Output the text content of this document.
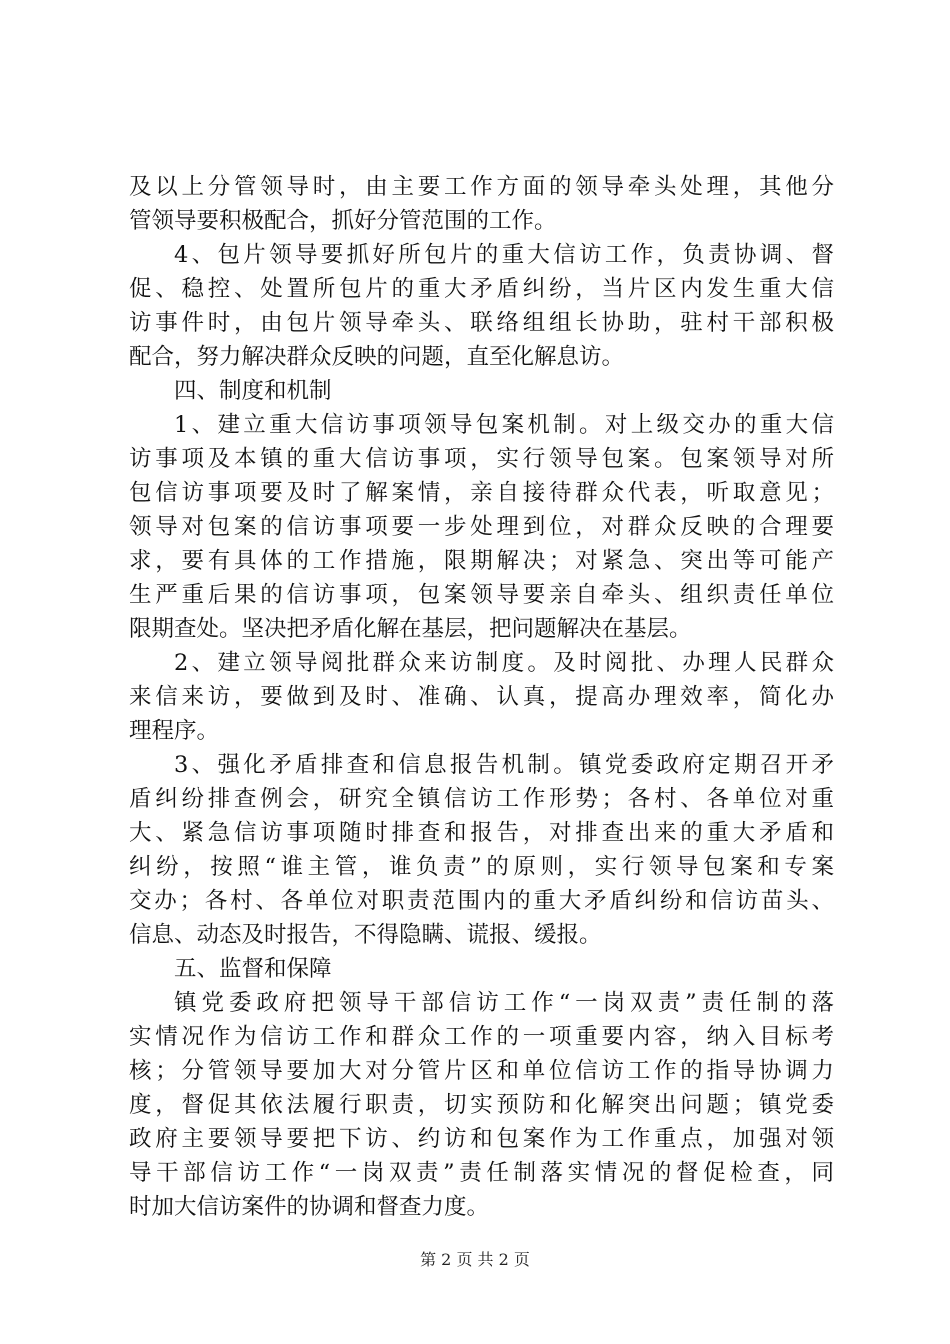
及以上分管领导时，由主要工作方面的领导牵头处理，其他分
管领导要积极配合，抓好分管范围的工作。
4、包片领导要抓好所包片的重大信访工作，负责协调、督
促、稳控、处置所包片的重大矛盾纠纷，当片区内发生重大信
访事件时，由包片领导牵头、联络组组长协助，驻村干部积极
配合，努力解决群众反映的问题，直至化解息访。
四、制度和机制
1、建立重大信访事项领导包案机制。对上级交办的重大信
访事项及本镇的重大信访事项，实行领导包案。包案领导对所
包信访事项要及时了解案情，亲自接待群众代表，听取意见；
领导对包案的信访事项要一步处理到位，对群众反映的合理要
求，要有具体的工作措施，限期解决；对紧急、突出等可能产
生严重后果的信访事项，包案领导要亲自牵头、组织责任单位
限期查处。坚决把矛盾化解在基层，把问题解决在基层。
2、建立领导阅批群众来访制度。及时阅批、办理人民群众
来信来访，要做到及时、准确、认真，提高办理效率，简化办
理程序。
3、强化矛盾排查和信息报告机制。镇党委政府定期召开矛
盾纠纷排查例会，研究全镇信访工作形势；各村、各单位对重
大、紧急信访事项随时排查和报告，对排查出来的重大矛盾和
纠纷，按照“谁主管，谁负责”的原则，实行领导包案和专案
交办；各村、各单位对职责范围内的重大矛盾纠纷和信访苗头、
信息、动态及时报告，不得隐瞒、谎报、缓报。
五、监督和保障
镇党委政府把领导干部信访工作“一岗双责”责任制的落
实情况作为信访工作和群众工作的一项重要内容，纳入目标考
核；分管领导要加大对分管片区和单位信访工作的指导协调力
度，督促其依法履行职责，切实预防和化解突出问题；镇党委
政府主要领导要把下访、约访和包案作为工作重点，加强对领
导干部信访工作“一岗双责”责任制落实情况的督促检查，同
时加大信访案件的协调和督查力度。
第 2 页 共 2 页
